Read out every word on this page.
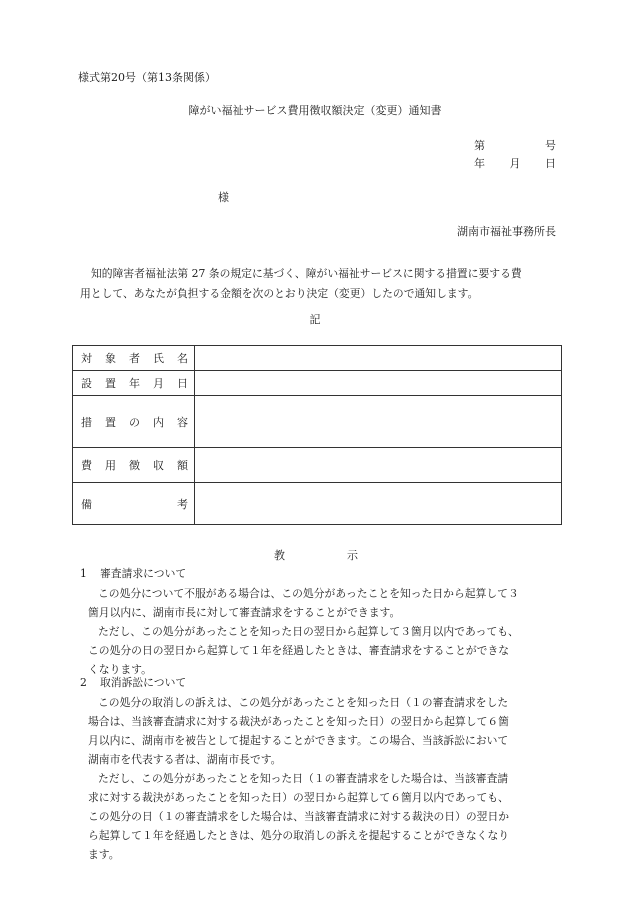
様式第20号（第13条関係）
障がい福祉サービス費用徴収額決定（変更）通知書
第	号
年 月 日
様
湖南市福祉事務所長
知的障害者福祉法第 27 条の規定に基づく、障がい福祉サービスに関する措置に要する費
用として、あなたが負担する金額を次のとおり決定（変更）したので通知します。
記
対 象 者 氏 名	

設 置 年 月 日	

措 置 の 内 容	

費 用 徴 収 額	

備 考	

教	示
1 審査請求について
この処分について不服がある場合は、この処分があったことを知った日から起算して３
箇月以内に、湖南市長に対して審査請求をすることができます。
ただし、この処分があったことを知った日の翌日から起算して３箇月以内であっても、
この処分の日の翌日から起算して１年を経過したときは、審査請求をすることができな
くなります。
2 取消訴訟について
この処分の取消しの訴えは、この処分があったことを知った日（１の審査請求をした
場合は、当該審査請求に対する裁決があったことを知った日）の翌日から起算して６箇
月以内に、湖南市を被告として提起することができます。この場合、当該訴訟において
湖南市を代表する者は、湖南市長です。
ただし、この処分があったことを知った日（１の審査請求をした場合は、当該審査請
求に対する裁決があったことを知った日）の翌日から起算して６箇月以内であっても、
この処分の日（１の審査請求をした場合は、当該審査請求に対する裁決の日）の翌日か
ら起算して１年を経過したときは、処分の取消しの訴えを提起することができなくなり
ます。
